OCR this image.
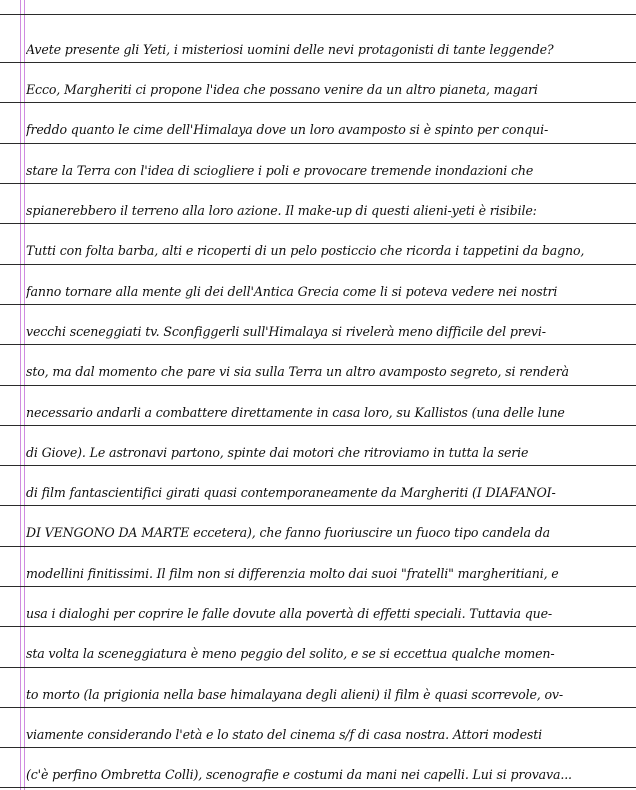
Avete presente gli Yeti, i misteriosi uomini delle nevi protagonisti di tante leggende?
Ecco, Margheriti ci propone l'idea che possano venire da un altro pianeta, magari
freddo quanto le cime dell'Himalaya dove un loro avamposto si è spinto per conqui-
stare la Terra con l'idea di sciogliere i poli e provocare tremende inondazioni che
spianerebbero il terreno alla loro azione. Il make-up di questi alieni-yeti è risibile:
Tutti con folta barba, alti e ricoperti di un pelo posticcio che ricorda i tappetini da bagno,
fanno tornare alla mente gli dei dell'Antica Grecia come li si poteva vedere nei nostri
vecchi sceneggiati tv. Sconfiggerli sull'Himalaya si rivelerà meno difficile del previ-
sto, ma dal momento che pare vi sia sulla Terra un altro avamposto segreto, si renderà
necessario andarli a combattere direttamente in casa loro, su Kallistos (una delle lune
di Giove). Le astronavi partono, spinte dai motori che ritroviamo in tutta la serie
di film fantascientifici girati quasi contemporaneamente da Margheriti (I DIAFANOI-
DI VENGONO DA MARTE eccetera), che fanno fuoriuscire un fuoco tipo candela da
modellini finitissimi. Il film non si differenzia molto dai suoi "fratelli" margheritiani, e
usa i dialoghi per coprire le falle dovute alla povertà di effetti speciali. Tuttavia que-
sta volta la sceneggiatura è meno peggio del solito, e se si eccettua qualche momen-
to morto (la prigionia nella base himalayana degli alieni) il film è quasi scorrevole, ov-
viamente considerando l'età e lo stato del cinema s/f di casa nostra. Attori modesti
(c'è perfino Ombretta Colli), scenografie e costumi da mani nei capelli. Lui si provava...
